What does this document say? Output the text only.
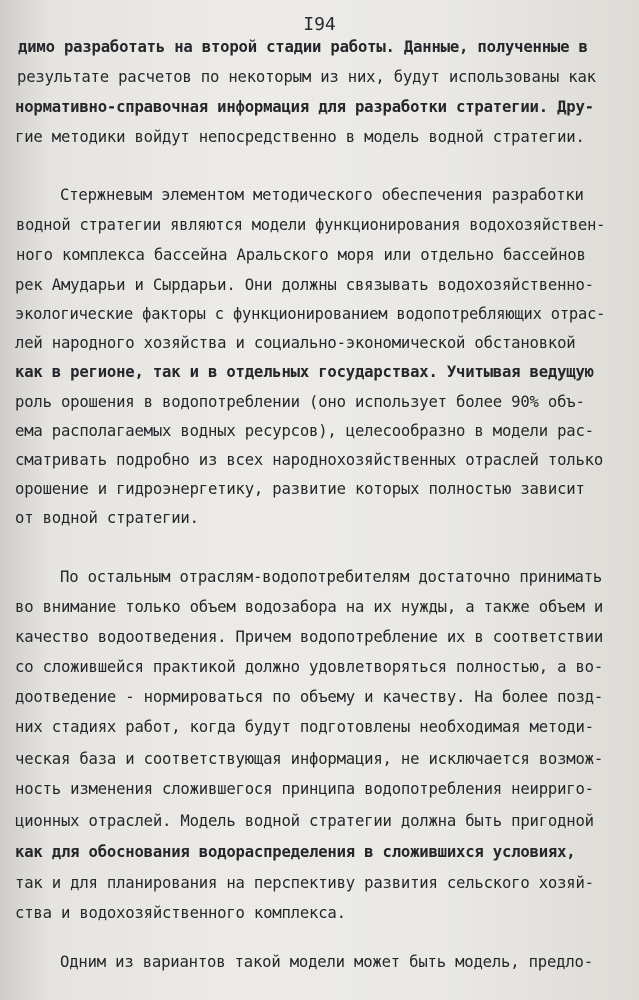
I94
димо разработать на второй стадии работы. Данные, полученные в
результате расчетов по некоторым из них, будут использованы как
нормативно-справочная информация для разработки стратегии. Дру-
гие методики войдут непосредственно в модель водной стратегии.
Стержневым элементом методического обеспечения разработки
водной стратегии являются модели функционирования водохозяйствен-
ного комплекса бассейна Аральского моря или отдельно бассейнов
рек Амударьи и Сырдарьи. Они должны связывать водохозяйственно-
экологические факторы с функционированием водопотребляющих отрас-
лей народного хозяйства и социально-экономической обстановкой
как в регионе, так и в отдельных государствах. Учитывая ведущую
роль орошения в водопотреблении (оно использует более 90% объ-
ема располагаемых водных ресурсов), целесообразно в модели рас-
сматривать подробно из всех народнохозяйственных отраслей только
орошение и гидроэнергетику, развитие которых полностью зависит
от водной стратегии.
По остальным отраслям-водопотребителям достаточно принимать
во внимание только объем водозабора на их нужды, а также объем и
качество водоотведения. Причем водопотребление их в соответствии
со сложившейся практикой должно удовлетворяться полностью, а во-
доотведение - нормироваться по объему и качеству. На более позд-
них стадиях работ, когда будут подготовлены необходимая методи-
ческая база и соответствующая информация, не исключается возмож-
ность изменения сложившегося принципа водопотребления неирриго-
ционных отраслей. Модель водной стратегии должна быть пригодной
как для обоснования водораспределения в сложившихся условиях,
так и для планирования на перспективу развития сельского хозяй-
ства и водохозяйственного комплекса.
Одним из вариантов такой модели может быть модель, предло-
